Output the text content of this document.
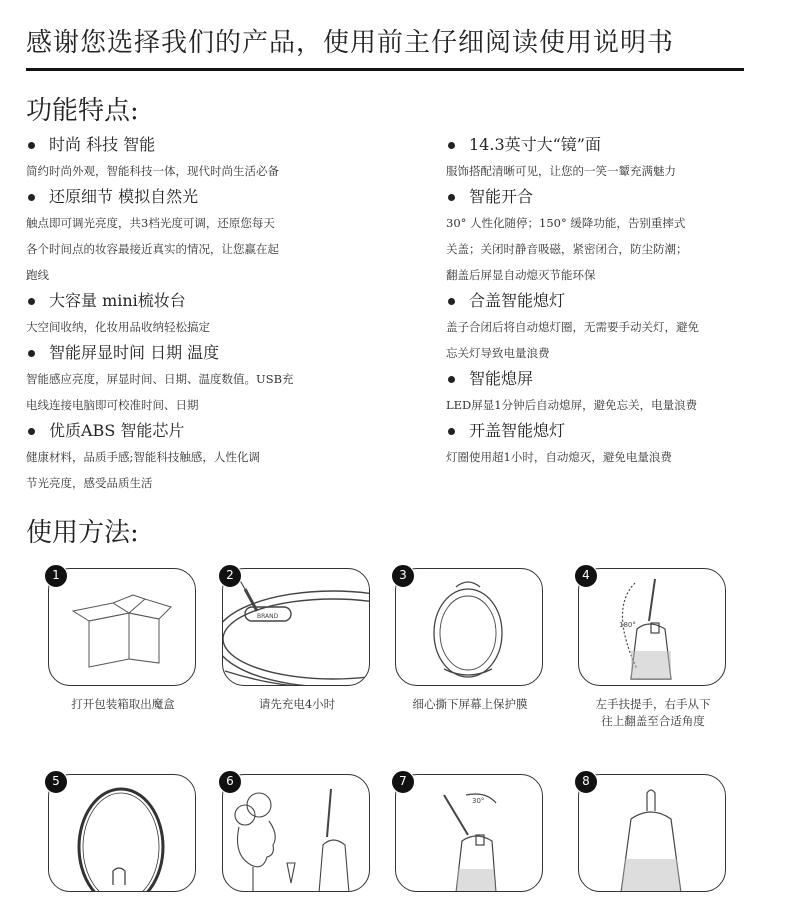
感谢您选择我们的产品，使用前主仔细阅读使用说明书
功能特点:
时尚 科技 智能
简约时尚外观，智能科技一体，现代时尚生活必备
还原细节 模拟自然光
触点即可调光亮度，共3档光度可调，还原您每天
各个时间点的妆容最接近真实的情况，让您赢在起
跑线
大容量 mini梳妆台
大空间收纳，化妆用品收纳轻松搞定
智能屏显时间 日期 温度
智能感应亮度，屏显时间、日期、温度数值。USB充
电线连接电脑即可校准时间、日期
优质ABS 智能芯片
健康材料，品质手感;智能科技触感，人性化调
节光亮度，感受品质生活
14.3英寸大“镜”面
服饰搭配清晰可见，让您的一笑一颦充满魅力
智能开合
30° 人性化随停；150° 缓降功能，告别重摔式
关盖；关闭时静音吸磁，紧密闭合，防尘防潮；
翻盖后屏显自动熄灭节能环保
合盖智能熄灯
盖子合闭后将自动熄灯圈，无需要手动关灯，避免
忘关灯导致电量浪费
智能熄屏
LED屏显1分钟后自动熄屏，避免忘关，电量浪费
开盖智能熄灯
灯圈使用超1小时，自动熄灭，避免电量浪费
使用方法:
1
打开包装箱取出魔盒
2
BRAND
请先充电4小时
3
细心撕下屏幕上保护膜
4
180°
左手扶提手，右手从下
往上翻盖至合适角度
5	6	7
30°
8
